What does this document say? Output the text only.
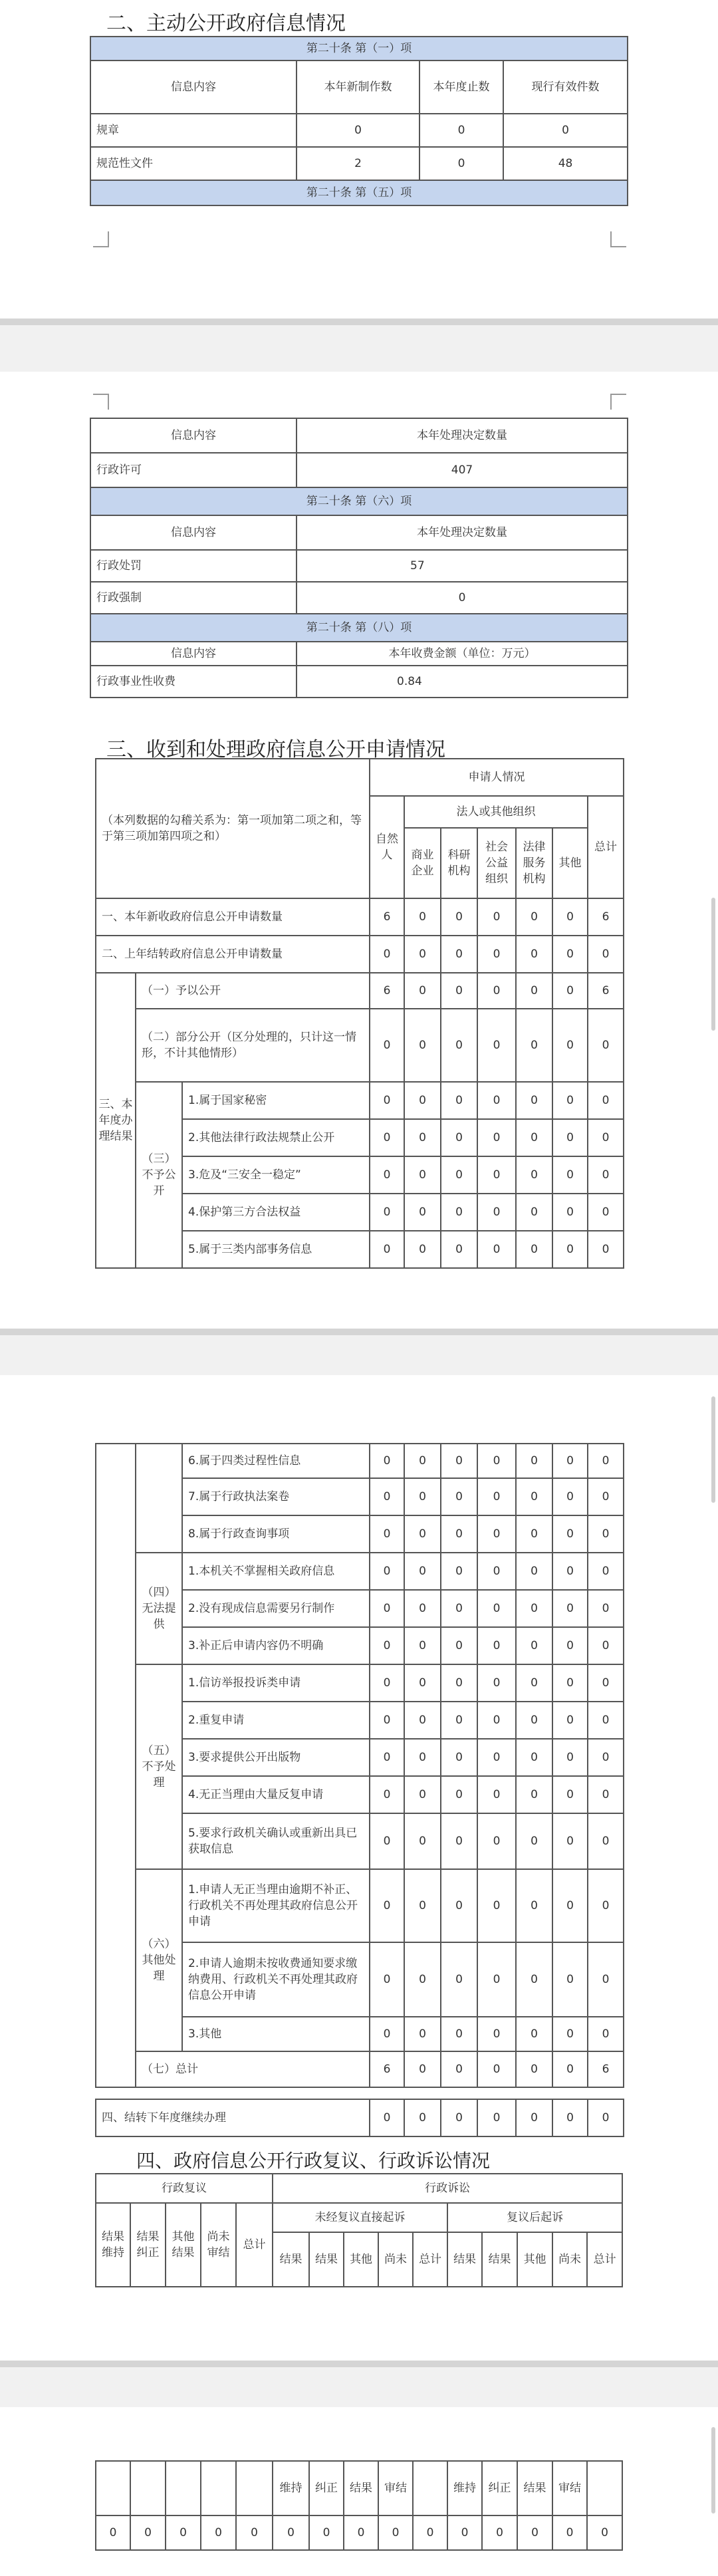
二、主动公开政府信息情况
第二十条 第（一）项			
信息内容	本年新制作数	本年度止数	现行有效件数
规章	0	0	0
规范性文件	2	0	48
第二十条 第（五）项			
信息内容	本年处理决定数量
行政许可	407
第二十条 第（六）项	
信息内容	本年处理决定数量
行政处罚	57
行政强制	0
第二十条 第（八）项	
信息内容	本年收费金额（单位：万元）
行政事业性收费	0.84
三、收到和处理政府信息公开申请情况
（本列数据的勾稽关系为：第一项加第二项之和，等于第三项加第四项之和）			申请人情况						
			自然人	法人或其他组织					总计
				商业企业	科研机构	社会公益组织	法律服务机构	其他	
一、本年新收政府信息公开申请数量			6	0	0	0	0	0	6
二、上年结转政府信息公开申请数量			0	0	0	0	0	0	0
三、本年度办理结果	（一）予以公开		6	0	0	0	0	0	6
	（二）部分公开（区分处理的，只计这一情形，不计其他情形）		0	0	0	0	0	0	0
	（三）不予公开	1.属于国家秘密	0	0	0	0	0	0	0
		2.其他法律行政法规禁止公开	0	0	0	0	0	0	0
		3.危及“三安全一稳定”	0	0	0	0	0	0	0
		4.保护第三方合法权益	0	0	0	0	0	0	0
		5.属于三类内部事务信息	0	0	0	0	0	0	0
		6.属于四类过程性信息	0	0	0	0	0	0	0
		7.属于行政执法案卷	0	0	0	0	0	0	0
		8.属于行政查询事项	0	0	0	0	0	0	0
	（四）无法提供	1.本机关不掌握相关政府信息	0	0	0	0	0	0	0
		2.没有现成信息需要另行制作	0	0	0	0	0	0	0
		3.补正后申请内容仍不明确	0	0	0	0	0	0	0
	（五）不予处理	1.信访举报投诉类申请	0	0	0	0	0	0	0
		2.重复申请	0	0	0	0	0	0	0
		3.要求提供公开出版物	0	0	0	0	0	0	0
		4.无正当理由大量反复申请	0	0	0	0	0	0	0
		5.要求行政机关确认或重新出具已获取信息	0	0	0	0	0	0	0
	（六）其他处理	1.申请人无正当理由逾期不补正、行政机关不再处理其政府信息公开申请	0	0	0	0	0	0	0
		2.申请人逾期未按收费通知要求缴纳费用、行政机关不再处理其政府信息公开申请	0	0	0	0	0	0	0
		3.其他	0	0	0	0	0	0	0
	（七）总计		6	0	0	0	0	0	6
四、结转下年度继续办理	0	0	0	0	0	0	0
四、政府信息公开行政复议、行政诉讼情况
行政复议					行政诉讼									
结果维持	结果纠正	其他结果	尚未审结	总计	未经复议直接起诉					复议后起诉				
					结果	结果	其他	尚未	总计	结果	结果	其他	尚未	总计
					维持	纠正	结果	审结		维持	纠正	结果	审结	
0	0	0	0	0	0	0	0	0	0	0	0	0	0	0
